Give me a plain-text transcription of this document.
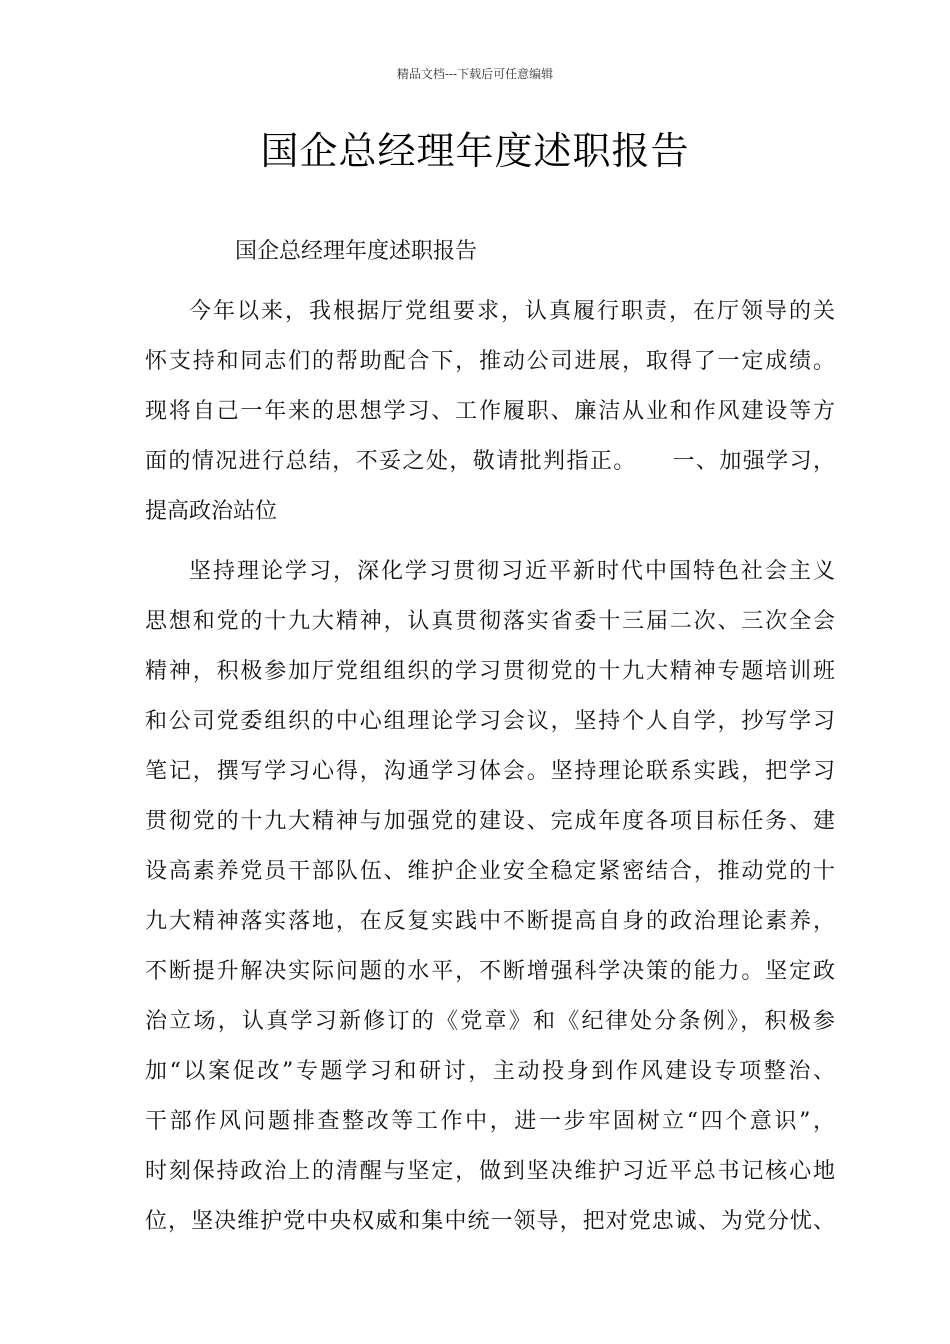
精品文档---下载后可任意编辑
国企总经理年度述职报告
国企总经理年度述职报告
今年以来，我根据厅党组要求，认真履行职责，在厅领导的关
怀支持和同志们的帮助配合下，推动公司进展，取得了一定成绩。
现将自己一年来的思想学习、工作履职、廉洁从业和作风建设等方
面的情况进行总结，不妥之处，敬请批判指正。　　一、加强学习，
提高政治站位
坚持理论学习，深化学习贯彻习近平新时代中国特色社会主义
思想和党的十九大精神，认真贯彻落实省委十三届二次、三次全会
精神，积极参加厅党组组织的学习贯彻党的十九大精神专题培训班
和公司党委组织的中心组理论学习会议，坚持个人自学，抄写学习
笔记，撰写学习心得，沟通学习体会。坚持理论联系实践，把学习
贯彻党的十九大精神与加强党的建设、完成年度各项目标任务、建
设高素养党员干部队伍、维护企业安全稳定紧密结合，推动党的十
九大精神落实落地，在反复实践中不断提高自身的政治理论素养，
不断提升解决实际问题的水平，不断增强科学决策的能力。坚定政
治立场，认真学习新修订的《党章》和《纪律处分条例》，积极参
加“以案促改”专题学习和研讨，主动投身到作风建设专项整治、
干部作风问题排查整改等工作中，进一步牢固树立“四个意识”，
时刻保持政治上的清醒与坚定，做到坚决维护习近平总书记核心地
位，坚决维护党中央权威和集中统一领导，把对党忠诚、为党分忧、
